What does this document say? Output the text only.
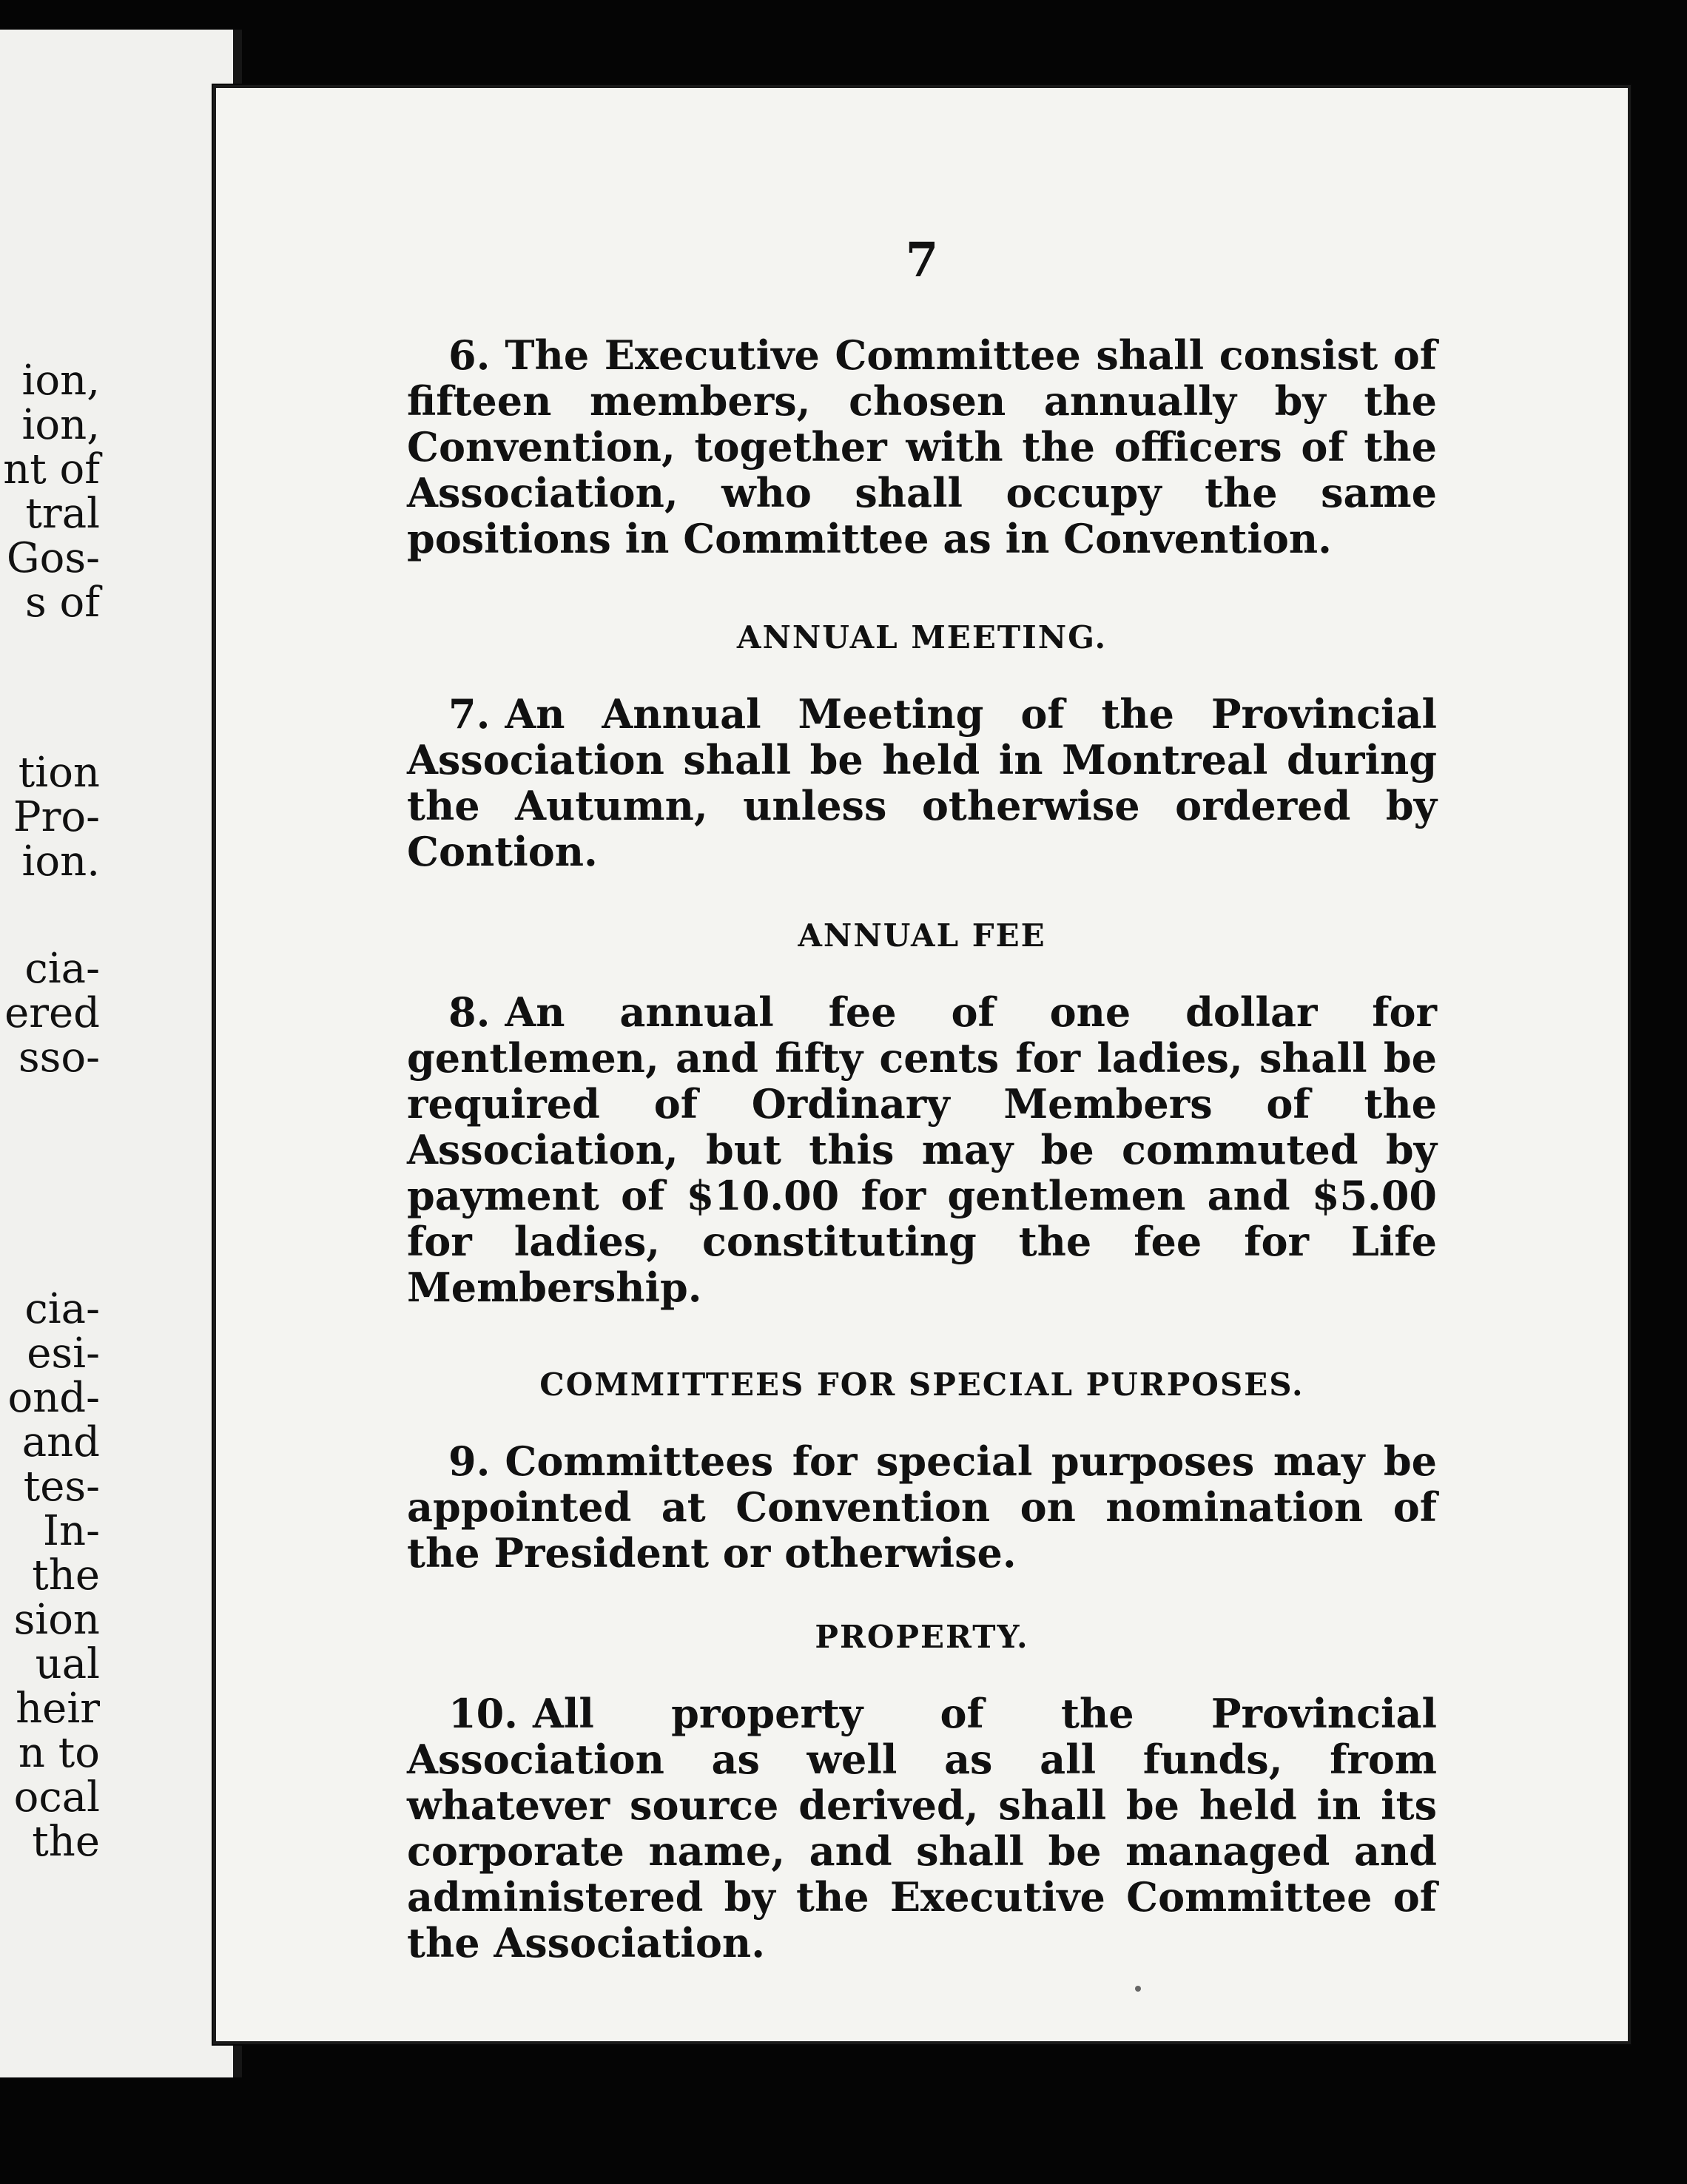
ion,
ion,
nt of
tral
Gos-
s of
tion
Pro-
ion.
cia-
ered
sso-
cia-
esi-
ond-
and
tes-
In-
the
sion
ual
heir
n to
ocal
the
7

6. The Executive Committee shall consist of fifteen members, chosen annually by the Convention, together with the officers of the Association, who shall occupy the same positions in Committee as in Convention.

ANNUAL MEETING.

7. An Annual Meeting of the Provincial Association shall be held in Montreal during the Autumn, unless otherwise ordered by Contion.

ANNUAL FEE

8. An annual fee of one dollar for gentlemen, and fifty cents for ladies, shall be required of Ordinary Members of the Association, but this may be commuted by payment of $10.00 for gentlemen and $5.00 for ladies, constituting the fee for Life Membership.

COMMITTEES FOR SPECIAL PURPOSES.

9. Committees for special purposes may be appointed at Convention on nomination of the President or otherwise.

PROPERTY.

10. All property of the Provincial Association as well as all funds, from whatever source derived, shall be held in its corporate name, and shall be managed and administered by the Executive Committee of the Association.
